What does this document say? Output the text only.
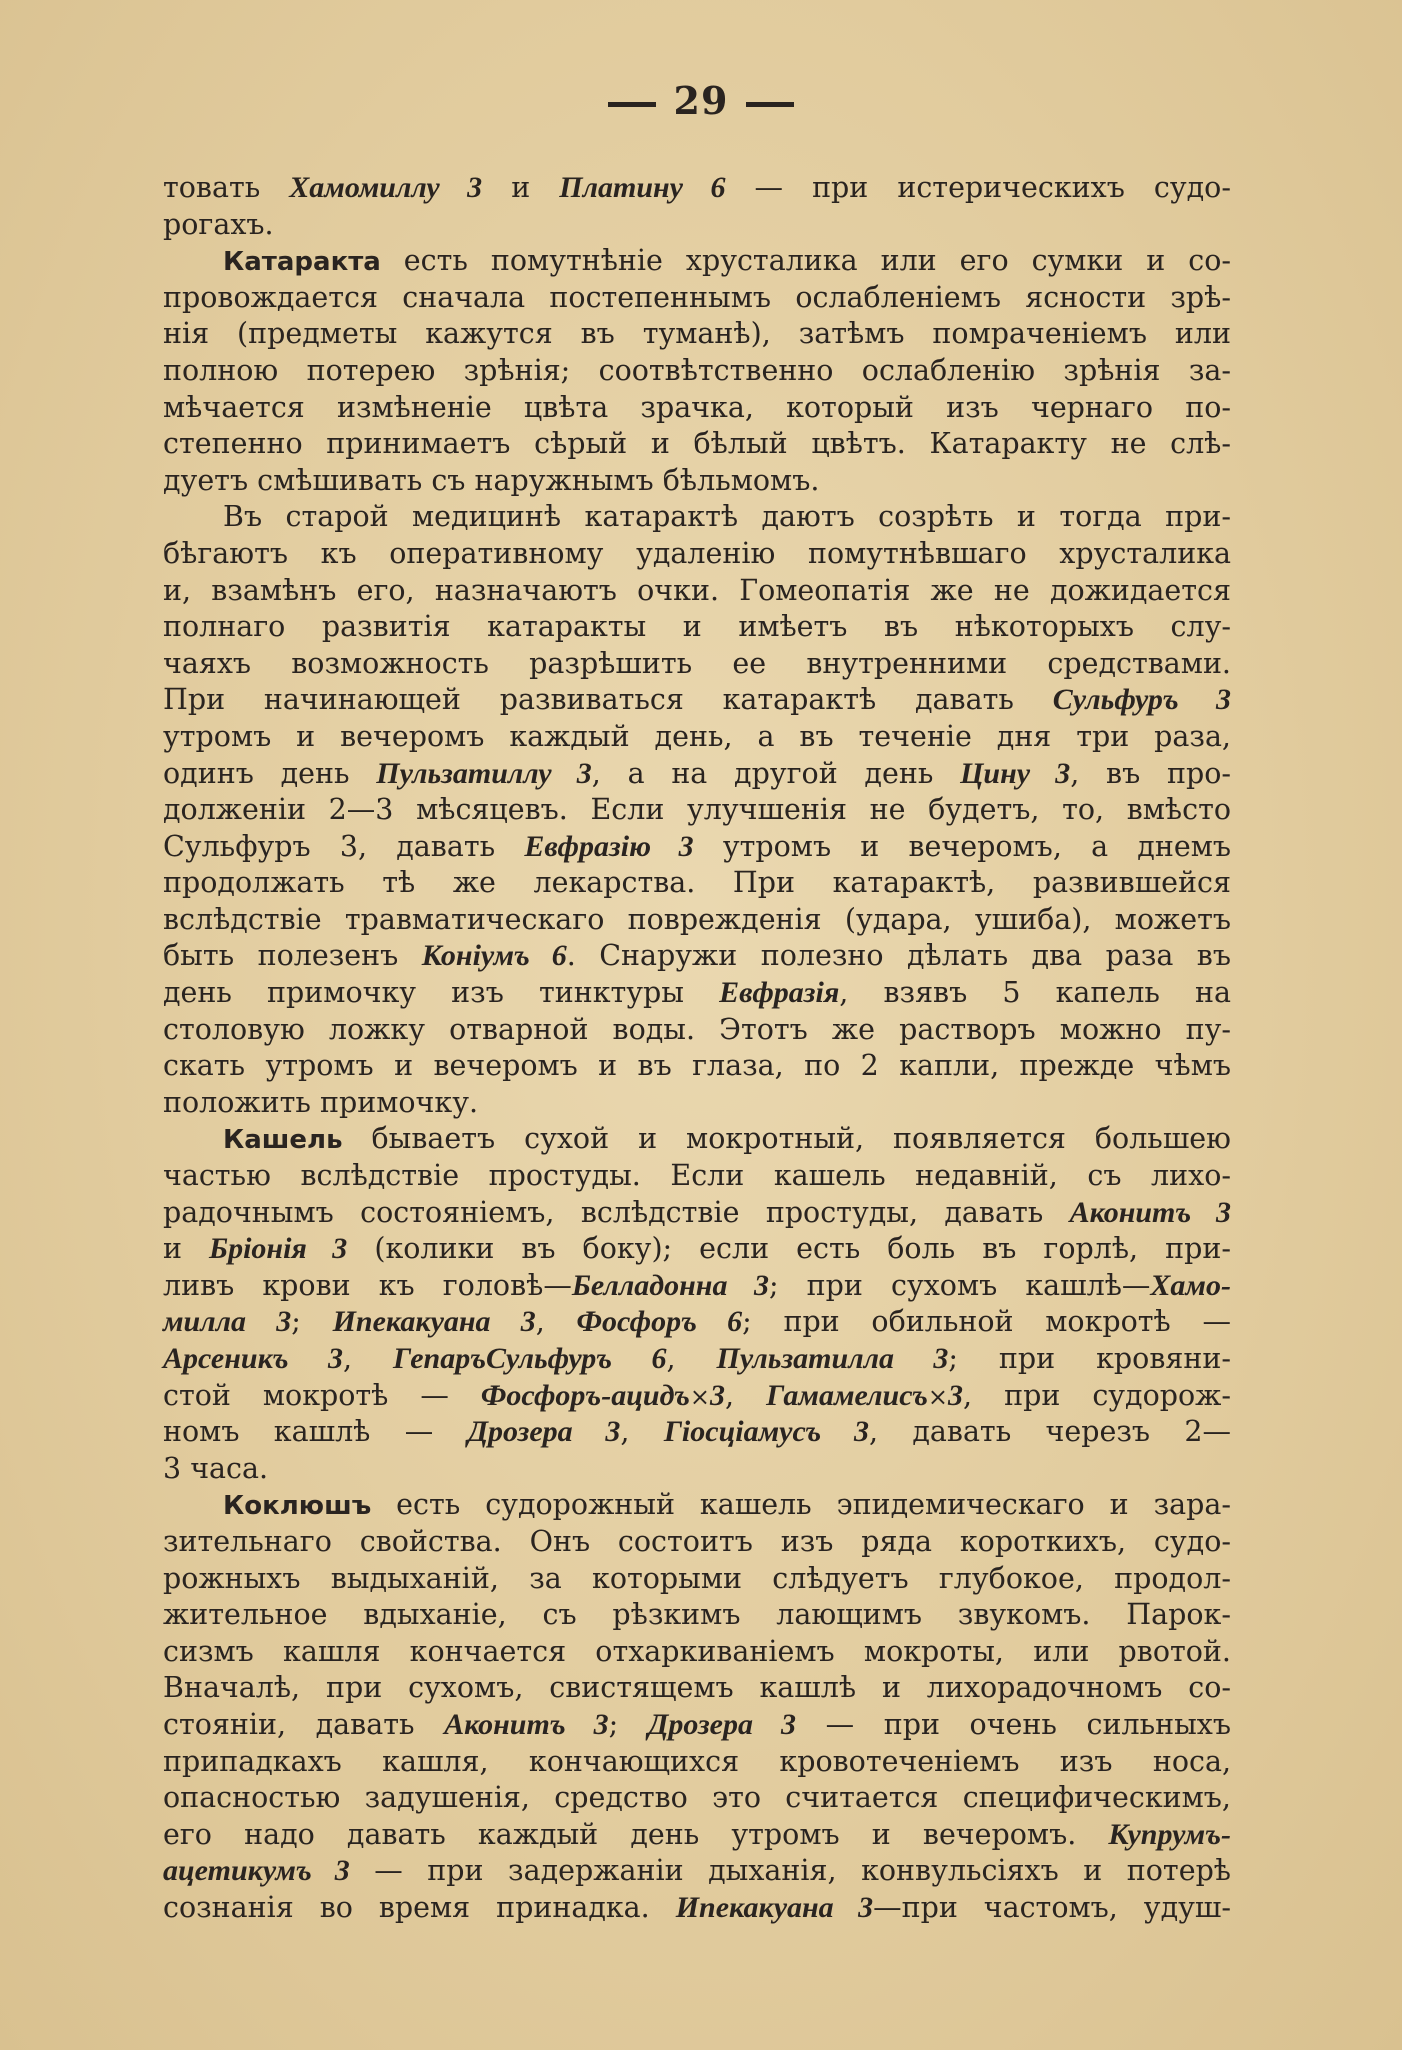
29
товать Хамомиллу 3 и Платину 6 — при истерическихъ судо-
рогахъ.
Катаракта есть помутнѣніе хрусталика или его сумки и со-
провождается сначала постепеннымъ ослабленіемъ ясности зрѣ-
нія (предметы кажутся въ туманѣ), затѣмъ помраченіемъ или
полною потерею зрѣнія; соотвѣтственно ослабленію зрѣнія за-
мѣчается измѣненіе цвѣта зрачка, который изъ чернаго по-
степенно принимаетъ сѣрый и бѣлый цвѣтъ. Катаракту не слѣ-
дуетъ смѣшивать съ наружнымъ бѣльмомъ.
Въ старой медицинѣ катарактѣ даютъ созрѣть и тогда при-
бѣгаютъ къ оперативному удаленію помутнѣвшаго хрусталика
и, взамѣнъ его, назначаютъ очки. Гомеопатія же не дожидается
полнаго развитія катаракты и имѣетъ въ нѣкоторыхъ слу-
чаяхъ возможность разрѣшить ее внутренними средствами.
При начинающей развиваться катарактѣ давать Сульфуръ 3
утромъ и вечеромъ каждый день, а въ теченіе дня три раза,
одинъ день Пульзатиллу 3, а на другой день Цину 3, въ про-
долженіи 2—3 мѣсяцевъ. Если улучшенія не будетъ, то, вмѣсто
Сульфуръ 3, давать Евфразію 3 утромъ и вечеромъ, а днемъ
продолжать тѣ же лекарства. При катарактѣ, развившейся
вслѣдствіе травматическаго поврежденія (удара, ушиба), можетъ
быть полезенъ Коніумъ 6. Снаружи полезно дѣлать два раза въ
день примочку изъ тинктуры Евфразія, взявъ 5 капель на
столовую ложку отварной воды. Этотъ же растворъ можно пу-
скать утромъ и вечеромъ и въ глаза, по 2 капли, прежде чѣмъ
положить примочку.
Кашель бываетъ сухой и мокротный, появляется большею
частью вслѣдствіе простуды. Если кашель недавній, съ лихо-
радочнымъ состояніемъ, вслѣдствіе простуды, давать Аконитъ 3
и Бріонія 3 (колики въ боку); если есть боль въ горлѣ, при-
ливъ крови къ головѣ—Белладонна 3; при сухомъ кашлѣ—Хамо-
милла 3; Ипекакуана 3, Фосфоръ 6; при обильной мокротѣ —
Арсеникъ 3, ГепаръСульфуръ 6, Пульзатилла 3; при кровяни-
стой мокротѣ — Фосфоръ-ацидъ×3, Гамамелисъ×3, при судорож-
номъ кашлѣ — Дрозера 3, Гіосціамусъ 3, давать черезъ 2—
3 часа.
Коклюшъ есть судорожный кашель эпидемическаго и зара-
зительнаго свойства. Онъ состоитъ изъ ряда короткихъ, судо-
рожныхъ выдыханій, за которыми слѣдуетъ глубокое, продол-
жительное вдыханіе, съ рѣзкимъ лающимъ звукомъ. Парок-
сизмъ кашля кончается отхаркиваніемъ мокроты, или рвотой.
Вначалѣ, при сухомъ, свистящемъ кашлѣ и лихорадочномъ со-
стояніи, давать Аконитъ 3; Дрозера 3 — при очень сильныхъ
припадкахъ кашля, кончающихся кровотеченіемъ изъ носа,
опасностью задушенія, средство это считается специфическимъ,
его надо давать каждый день утромъ и вечеромъ. Купрумъ-
ацетикумъ 3 — при задержаніи дыханія, конвульсіяхъ и потерѣ
сознанія во время принадка. Ипекакуана 3—при частомъ, удуш-
